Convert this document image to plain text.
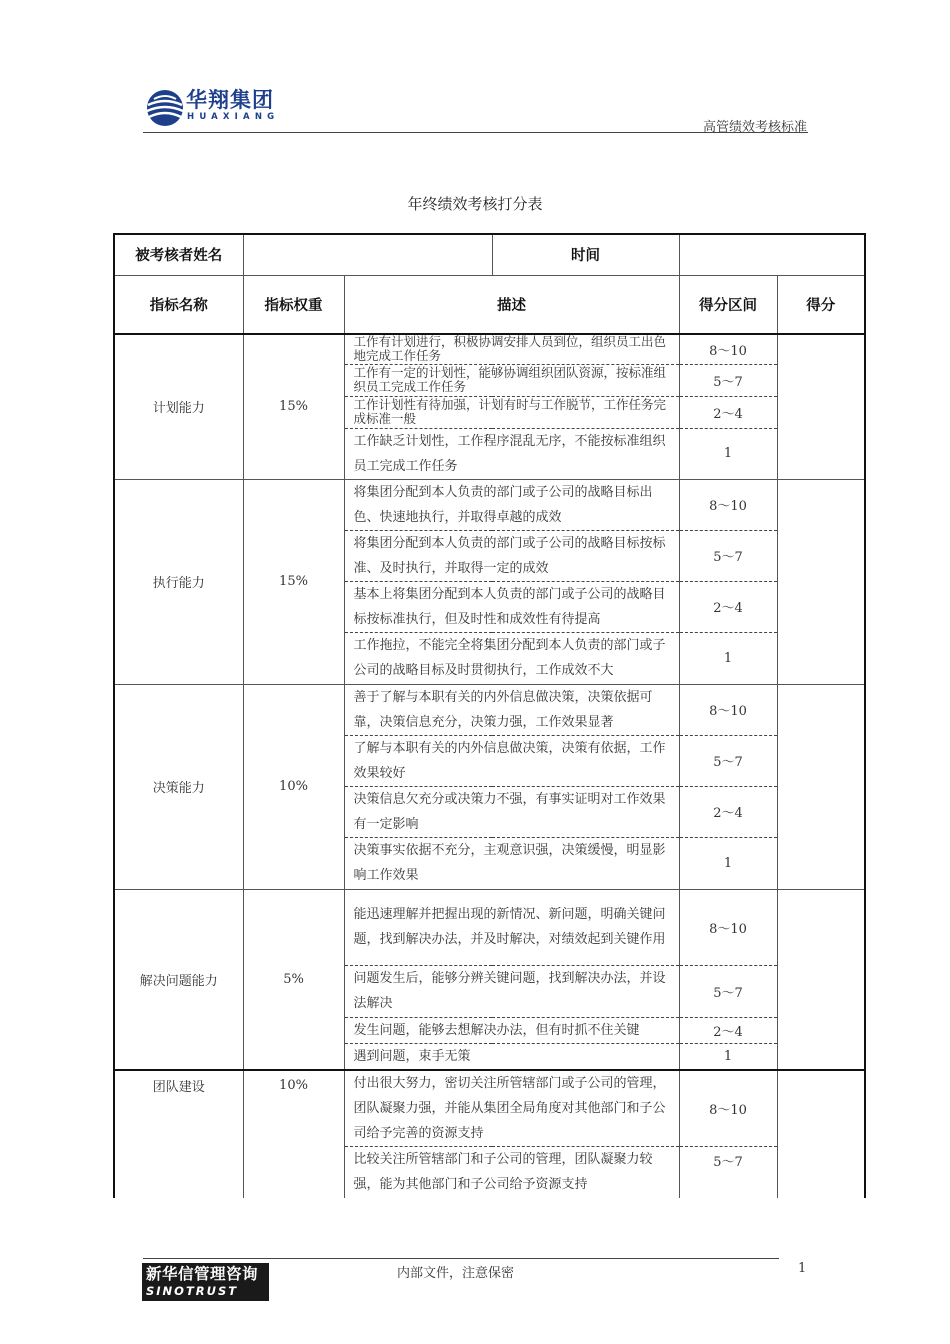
华翔集团
HUAXIANG
高管绩效考核标准
年终绩效考核打分表
被考核者姓名			时间		
指标名称	指标权重	描述		得分区间	得分
计划能力	15%	工作有计划进行，积极协调安排人员到位，组织员工出色地完成工作任务		8～10	
		工作有一定的计划性，能够协调组织团队资源，按标准组织员工完成工作任务		5～7	
		工作计划性有待加强，计划有时与工作脱节，工作任务完成标准一般		2～4	
		工作缺乏计划性，工作程序混乱无序，不能按标准组织员工完成工作任务		1	
执行能力	15%	将集团分配到本人负责的部门或子公司的战略目标出色、快速地执行，并取得卓越的成效		8～10	
		将集团分配到本人负责的部门或子公司的战略目标按标准、及时执行，并取得一定的成效		5～7	
		基本上将集团分配到本人负责的部门或子公司的战略目标按标准执行，但及时性和成效性有待提高		2～4	
		工作拖拉，不能完全将集团分配到本人负责的部门或子公司的战略目标及时贯彻执行，工作成效不大		1	
决策能力	10%	善于了解与本职有关的内外信息做决策，决策依据可靠，决策信息充分，决策力强，工作效果显著		8～10	
		了解与本职有关的内外信息做决策，决策有依据，工作效果较好		5～7	
		决策信息欠充分或决策力不强，有事实证明对工作效果有一定影响		2～4	
		决策事实依据不充分，主观意识强，决策缓慢，明显影响工作效果		1	
解决问题能力	5%	能迅速理解并把握出现的新情况、新问题，明确关键问题，找到解决办法，并及时解决，对绩效起到关键作用		8～10	
		问题发生后，能够分辨关键问题，找到解决办法，并设法解决		5～7	
		发生问题，能够去想解决办法，但有时抓不住关键		2～4	
		遇到问题，束手无策		1	
团队建设	10%	付出很大努力，密切关注所管辖部门或子公司的管理，团队凝聚力强，并能从集团全局角度对其他部门和子公司给予完善的资源支持		8～10	
		比较关注所管辖部门和子公司的管理，团队凝聚力较强，能为其他部门和子公司给予资源支持		5～7	
新华信管理咨询
SINOTRUST
内部文件，注意保密	1
